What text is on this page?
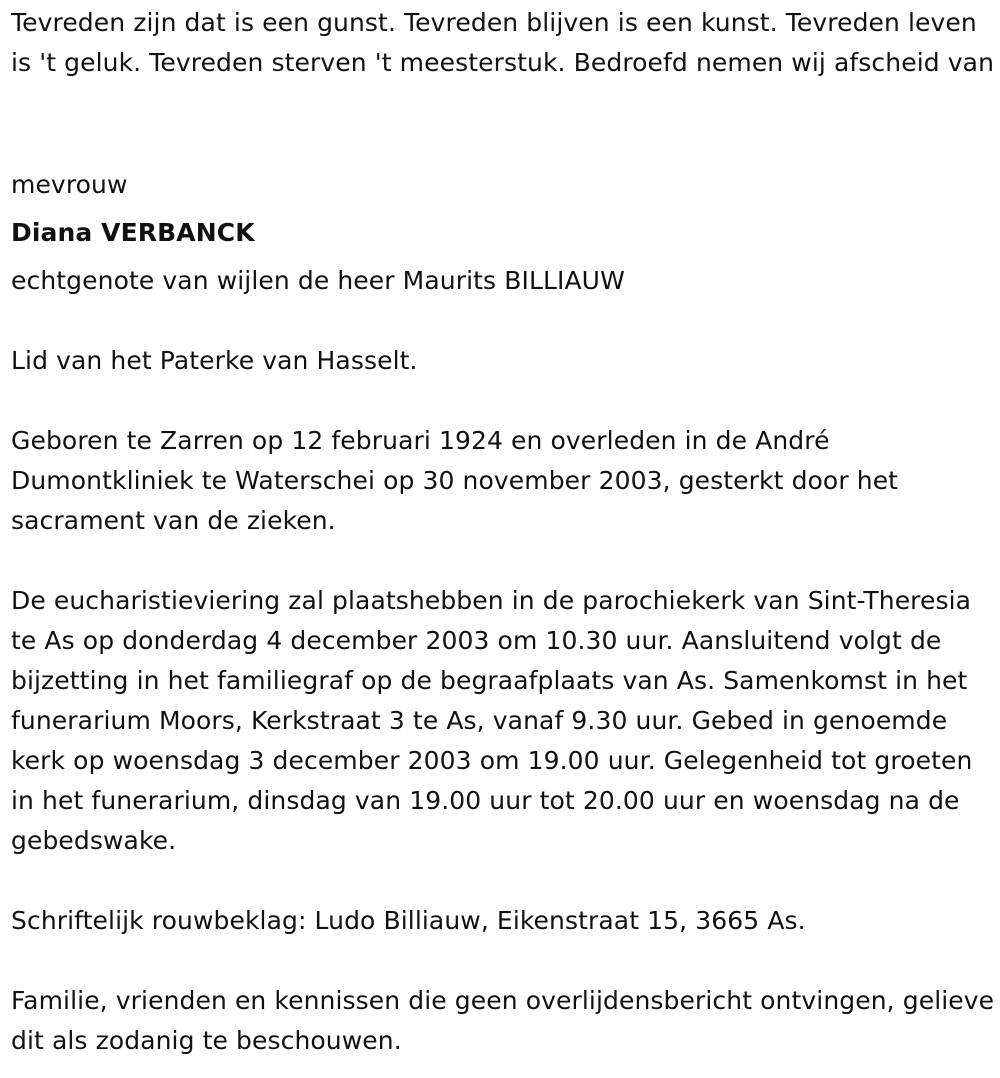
Tevreden zijn dat is een gunst. Tevreden blijven is een kunst. Tevreden leven is 't geluk. Tevreden sterven 't meesterstuk. Bedroefd nemen wij afscheid van

mevrouw

Diana VERBANCK

echtgenote van wijlen de heer Maurits BILLIAUW

Lid van het Paterke van Hasselt.

Geboren te Zarren op 12 februari 1924 en overleden in de André Dumontkliniek te Waterschei op 30 november 2003, gesterkt door het sacrament van de zieken.

De eucharistieviering zal plaatshebben in de parochiekerk van Sint-Theresia te As op donderdag 4 december 2003 om 10.30 uur. Aansluitend volgt de bijzetting in het familiegraf op de begraafplaats van As. Samenkomst in het funerarium Moors, Kerkstraat 3 te As, vanaf 9.30 uur. Gebed in genoemde kerk op woensdag 3 december 2003 om 19.00 uur. Gelegenheid tot groeten in het funerarium, dinsdag van 19.00 uur tot 20.00 uur en woensdag na de gebedswake.

Schriftelijk rouwbeklag: Ludo Billiauw, Eikenstraat 15, 3665 As.

Familie, vrienden en kennissen die geen overlijdensbericht ontvingen, gelieve dit als zodanig te beschouwen.
